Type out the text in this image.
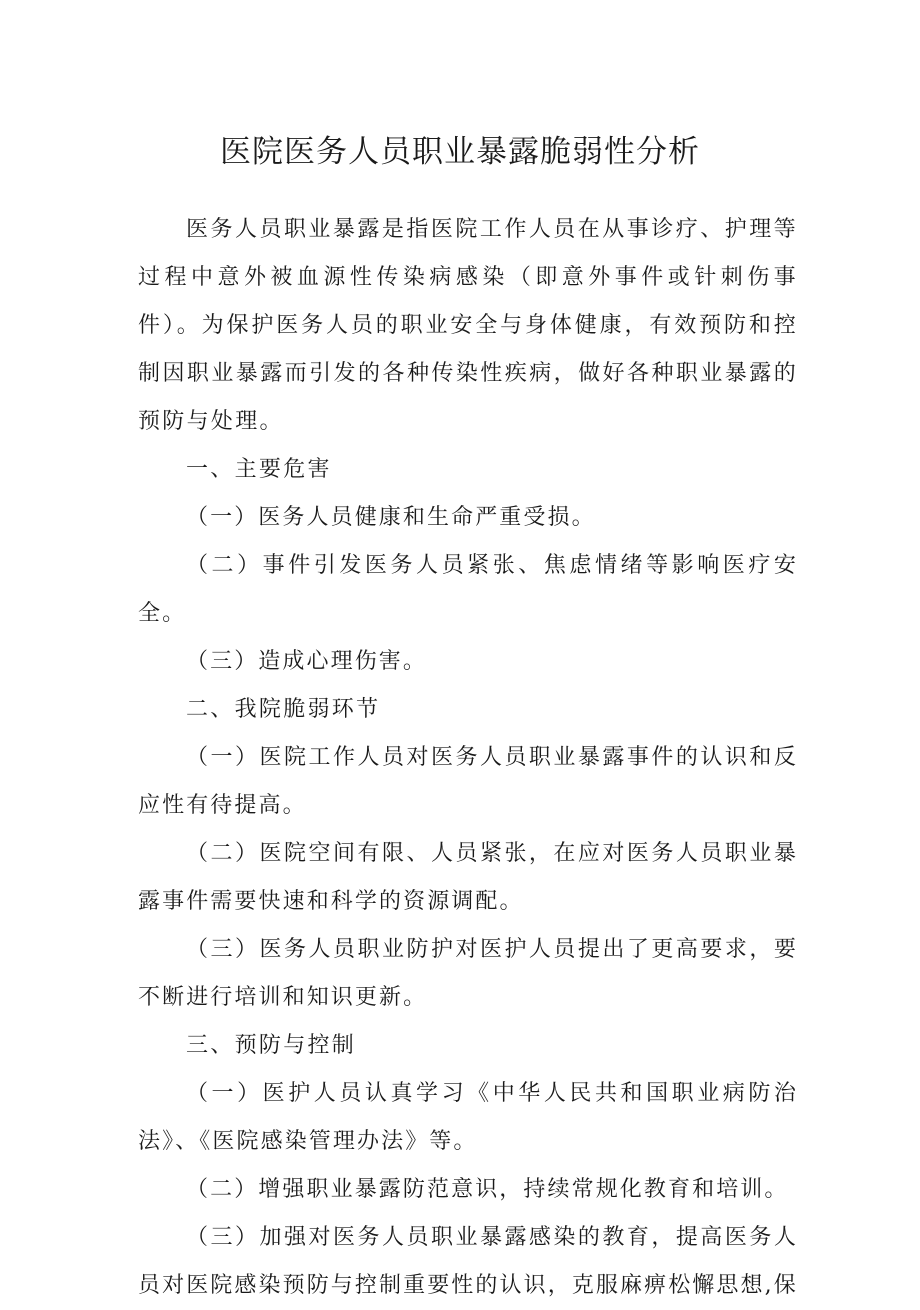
医院医务人员职业暴露脆弱性分析

医务人员职业暴露是指医院工作人员在从事诊疗、护理等过程中意外被血源性传染病感染（即意外事件或针刺伤事件）。为保护医务人员的职业安全与身体健康，有效预防和控制因职业暴露而引发的各种传染性疾病，做好各种职业暴露的预防与处理。

一、主要危害

（一）医务人员健康和生命严重受损。

（二）事件引发医务人员紧张、焦虑情绪等影响医疗安全。

（三）造成心理伤害。

二、我院脆弱环节

（一）医院工作人员对医务人员职业暴露事件的认识和反应性有待提高。

（二）医院空间有限、人员紧张，在应对医务人员职业暴露事件需要快速和科学的资源调配。

（三）医务人员职业防护对医护人员提出了更高要求，要不断进行培训和知识更新。

三、预防与控制

（一）医护人员认真学习《中华人民共和国职业病防治法》、《医院感染管理办法》等。

（二）增强职业暴露防范意识，持续常规化教育和培训。

（三）加强对医务人员职业暴露感染的教育，提高医务人员对医院感染预防与控制重要性的认识，克服麻痹松懈思想,保
